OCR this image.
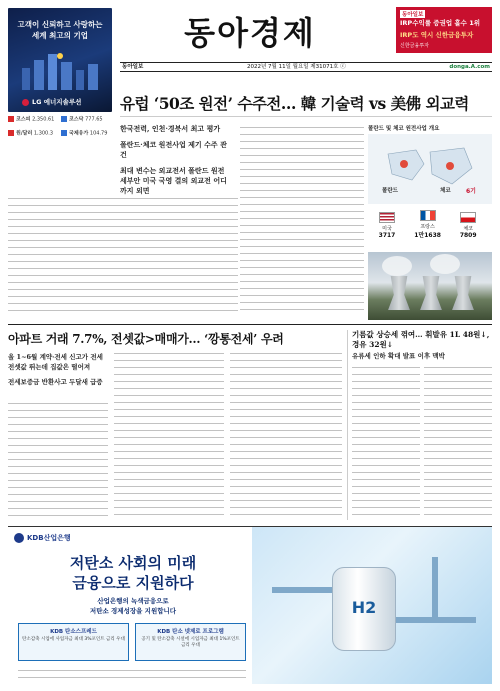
고객이 신뢰하고 사랑하는
세계 최고의 기업
LG 에너지솔루션
동아경제	동아일보
IRP수익률 증권업 홀수 1위
IRP도 역시 신한금융투자
신한금융투자
동아일보	2022년 7월 11일 월요일 제31071호 ⓒ	donga.A.com
코스피 2,350.61	코스닥 777.65
원/달러 1,300.3	국제유가 104.79
유럽 ‘50조 원전’ 수주전… 韓 기술력 vs 美佛 외교력
한국전력, 인천·경북서 최고 평가
폴란드·체코 원전사업 제기 수주 관건
최대 변수는 외교전서 폴란드 원전 세부안 미국 국영 결의 외교전 어디까지 외면
폴란드 및 체코 원전사업 개요
폴란드	체코	6기
미국
3717

프랑스
1만1638

체코
7809
아파트 거래 7.7%, 전셋값>매매가… ‘깡통전세’ 우려
올 1~6월 계약·전세 신고가 전세 전셋값 뛰는데 집값은 떨어져
전세보증금 반환사고 두달새 급증
기름값 상승세 꺾여… 휘발유 1L 48원↓, 경유 32원↓
유류세 인하 확대 발표 이후 맥박
KDB산업은행
저탄소 사회의 미래
금융으로 지원하다
산업은행의 녹색금융으로
저탄소 경제성장을 지원합니다
KDB 탄소스프레드
탄소감축 시업에 사업자금 최대 3%포인트 금리 우대
KDB 탄소 넷제로 프로그램
공기 및 탄소감축 시설에 시업자금 최대 1%포인트 금리 우대
H2
